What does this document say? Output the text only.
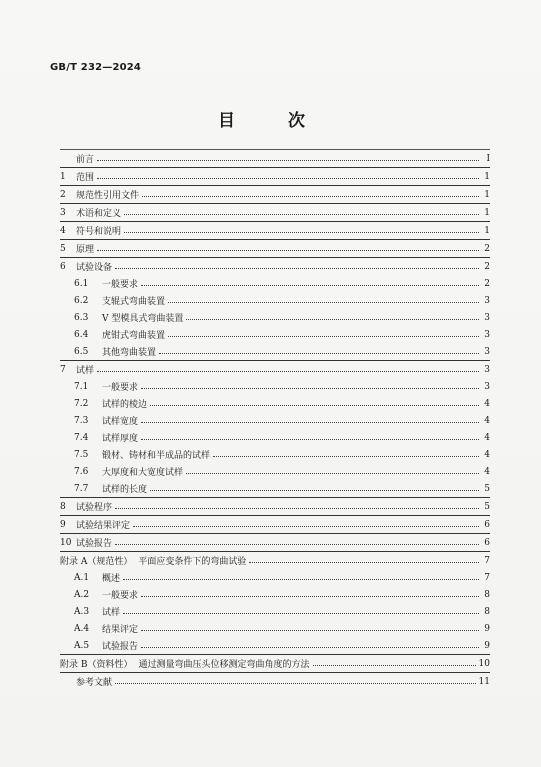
GB/T 232—2024
目　次
前言	Ⅰ
1	范围	1
2	规范性引用文件	1
3	术语和定义	1
4	符号和说明	1
5	原理	2
6	试验设备	2
6.1	一般要求	2
6.2	支辊式弯曲装置	3
6.3	V 型模具式弯曲装置	3
6.4	虎钳式弯曲装置	3
6.5	其他弯曲装置	3
7	试样	3
7.1	一般要求	3
7.2	试样的棱边	4
7.3	试样宽度	4
7.4	试样厚度	4
7.5	锻材、铸材和半成品的试样	4
7.6	大厚度和大宽度试样	4
7.7	试样的长度	5
8	试验程序	5
9	试验结果评定	6
10 试验报告	6
附录 A（规范性） 平面应变条件下的弯曲试验	7
A.1	概述	7
A.2	一般要求	8
A.3	试样	8
A.4	结果评定	9
A.5	试验报告	9
附录 B（资料性） 通过测量弯曲压头位移测定弯曲角度的方法	10
参考文献	11
